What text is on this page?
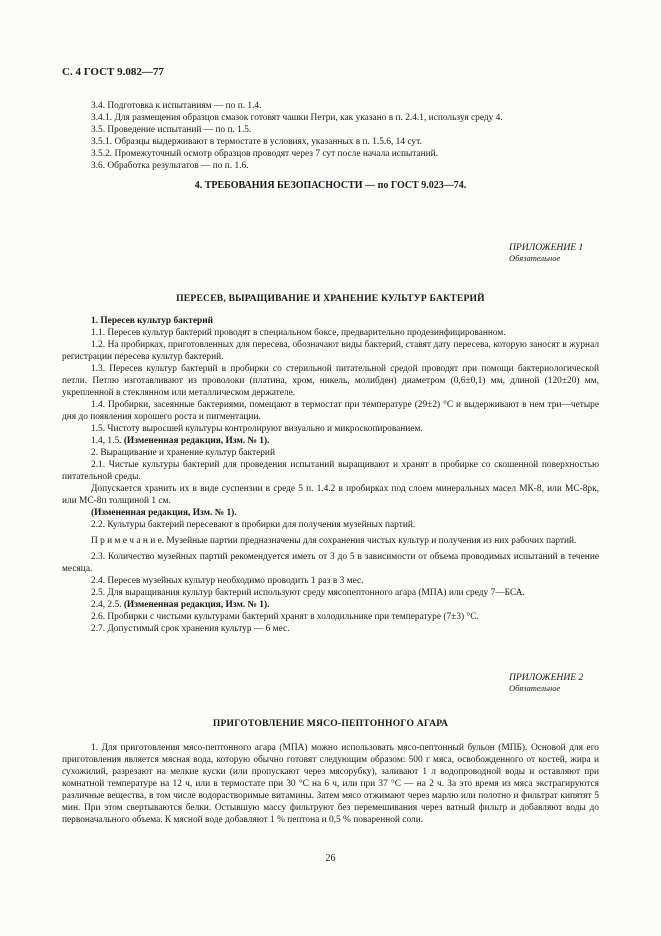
С. 4 ГОСТ 9.082—77

3.4. Подготовка к испытаниям — по п. 1.4.

3.4.1. Для размещения образцов смазок готовят чашки Петри, как указано в п. 2.4.1, используя среду 4.

3.5. Проведение испытаний — по п. 1.5.

3.5.1. Образцы выдерживают в термостате в условиях, указанных в п. 1.5.6, 14 сут.

3.5.2. Промежуточный осмотр образцов проводят через 7 сут после начала испытаний.

3.6. Обработка результатов — по п. 1.6.

4. ТРЕБОВАНИЯ БЕЗОПАСНОСТИ — по ГОСТ 9.023—74.
ПРИЛОЖЕНИЕ 1
Обязательное
ПЕРЕСЕВ, ВЫРАЩИВАНИЕ И ХРАНЕНИЕ КУЛЬТУР БАКТЕРИЙ

1. Пересев культур бактерий

1.1. Пересев культур бактерий проводят в специальном боксе, предварительно продезинфицированном.

1.2. На пробирках, приготовленных для пересева, обозначают виды бактерий, ставят дату пересева, которую заносят в журнал регистрации пересева культур бактерий.

1.3. Пересев культур бактерий в пробирки со стерильной питательной средой проводят при помощи бактериологической петли. Петлю изготавливают из проволоки (платина, хром, никель, молибден) диаметром (0,6±0,1) мм, длиной (120±20) мм, укрепленной в стеклянном или металлическом держателе.

1.4. Пробирки, засеянные бактериями, помещают в термостат при температуре (29±2) °С и выдерживают в нем три—четыре дня до появления хорошего роста и пигментации.

1.5. Чистоту выросшей культуры контролируют визуально и микроскопированием.

1.4, 1.5. (Измененная редакция, Изм. № 1).

2. Выращивание и хранение культур бактерий

2.1. Чистые культуры бактерий для проведения испытаний выращивают и хранят в пробирке со скошенной поверхностью питательной среды.

Допускается хранить их в виде суспензии в среде 5 п. 1.4.2 в пробирках под слоем минеральных масел МК-8, или МС-8рк, или МС-8п толщиной 1 см.

(Измененная редакция, Изм. № 1).

2.2. Культуры бактерий пересевают в пробирки для получения музейных партий.

П р и м е ч а н и е. Музейные партии предназначены для сохранения чистых культур и получения из них рабочих партий.

2.3. Количество музейных партий рекомендуется иметь от 3 до 5 в зависимости от объема проводимых испытаний в течение месяца.

2.4. Пересев музейных культур необходимо проводить 1 раз в 3 мес.

2.5. Для выращивания культур бактерий используют среду мясопептонного агара (МПА) или среду 7—БСА.

2.4, 2.5. (Измененная редакция, Изм. № 1).

2.6. Пробирки с чистыми культурами бактерий хранят в холодильнике при температуре (7±3) °С.

2.7. Допустимый срок хранения культур — 6 мес.

ПРИЛОЖЕНИЕ 2
Обязательное
ПРИГОТОВЛЕНИЕ МЯСО-ПЕПТОННОГО АГАРА

1. Для приготовления мясо-пептонного агара (МПА) можно использовать мясо-пептонный бульон (МПБ). Основой для его приготовления является мясная вода, которую обычно готовят следующим образом: 500 г мяса, освобожденного от костей, жира и сухожилий, разрезают на мелкие куски (или пропускают через мясорубку), заливают 1 л водопроводной воды и оставляют при комнатной температуре на 12 ч, или в термостате при 30 °С на 6 ч, или при 37 °С — на 2 ч. За это время из мяса экстрагируются различные вещества, в том числе водорастворимые витамины. Затем мясо отжимают через марлю или полотно и фильтрат кипятят 5 мин. При этом свертываются белки. Остывшую массу фильтруют без перемешивания через ватный фильтр и добавляют воды до первоначального объема. К мясной воде добавляют 1 % пептона и 0,5 % поваренной соли.

26
